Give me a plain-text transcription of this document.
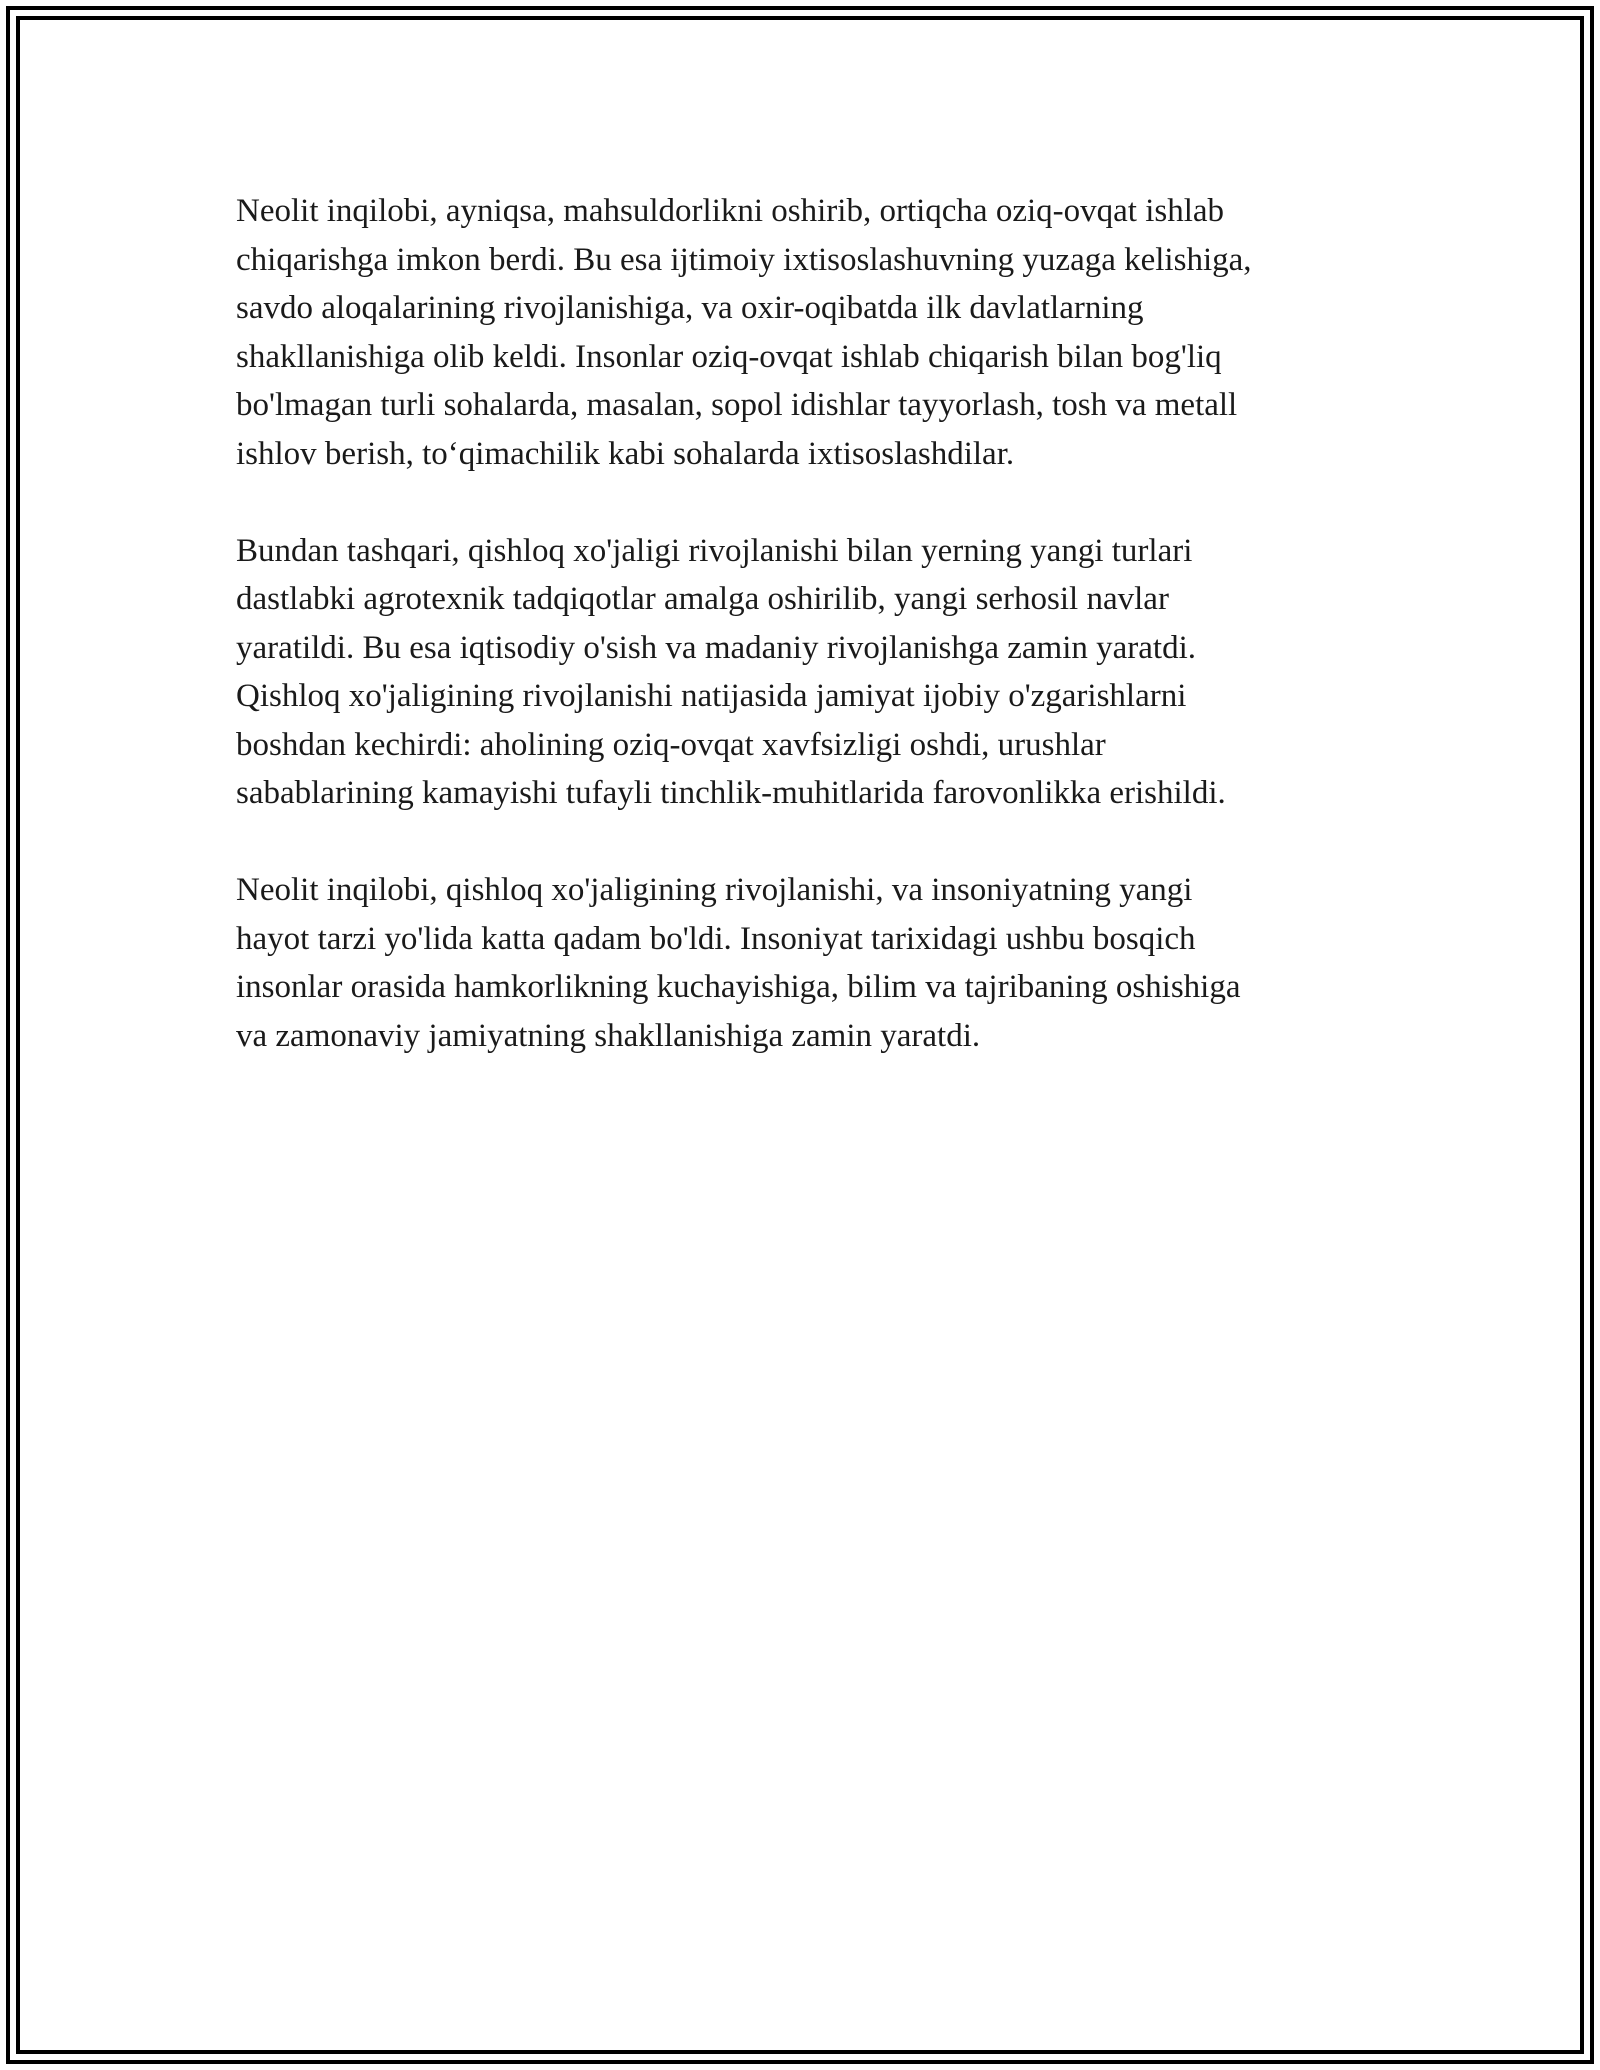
Neolit inqilobi, ayniqsa, mahsuldorlikni oshirib, ortiqcha oziq-ovqat ishlab
chiqarishga imkon berdi. Bu esa ijtimoiy ixtisoslashuvning yuzaga kelishiga,
savdo aloqalarining rivojlanishiga, va oxir-oqibatda ilk davlatlarning
shakllanishiga olib keldi. Insonlar oziq-ovqat ishlab chiqarish bilan bog'liq
bo'lmagan turli sohalarda, masalan, sopol idishlar tayyorlash, tosh va metall
ishlov berish, to‘qimachilik kabi sohalarda ixtisoslashdilar.

Bundan tashqari, qishloq xo'jaligi rivojlanishi bilan yerning yangi turlari
dastlabki agrotexnik tadqiqotlar amalga oshirilib, yangi serhosil navlar
yaratildi. Bu esa iqtisodiy o'sish va madaniy rivojlanishga zamin yaratdi.
Qishloq xo'jaligining rivojlanishi natijasida jamiyat ijobiy o'zgarishlarni
boshdan kechirdi: aholining oziq-ovqat xavfsizligi oshdi, urushlar
sabablarining kamayishi tufayli tinchlik-muhitlarida farovonlikka erishildi.

Neolit inqilobi, qishloq xo'jaligining rivojlanishi, va insoniyatning yangi
hayot tarzi yo'lida katta qadam bo'ldi. Insoniyat tarixidagi ushbu bosqich
insonlar orasida hamkorlikning kuchayishiga, bilim va tajribaning oshishiga
va zamonaviy jamiyatning shakllanishiga zamin yaratdi.
